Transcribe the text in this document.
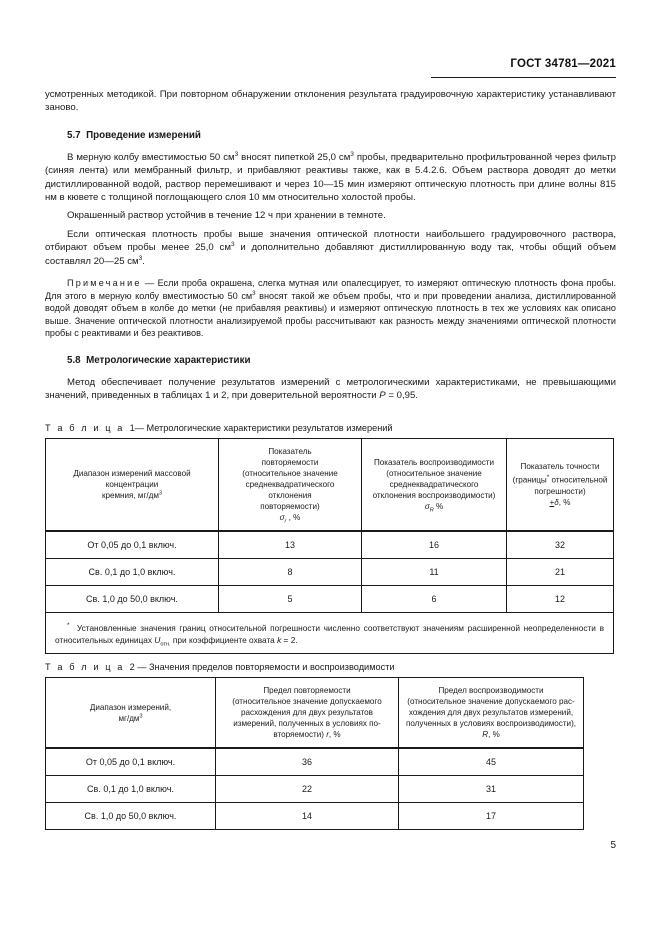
ГОСТ 34781—2021

усмотренных методикой. При повторном обнаружении отклонения результата градуировочную характеристику устанавливают заново.

5.7 Проведение измерений

В мерную колбу вместимостью 50 $см^3$ вносят пипеткой 25,0 $см^3$ пробы, предварительно профильтрованной через фильтр (синяя лента) или мембранный фильтр, и прибавляют реактивы также, как в 5.4.2.6. Объем раствора доводят до метки дистиллированной водой, раствор перемешивают и через 10—15 мин измеряют оптическую плотность при длине волны 815 нм в кювете с толщиной поглощающего слоя 10 мм относительно холостой пробы.

Окрашенный раствор устойчив в течение 12 ч при хранении в темноте.

Если оптическая плотность пробы выше значения оптической плотности наибольшего градуировочного раствора, отбирают объем пробы менее 25,0 $см^3$ и дополнительно добавляют дистиллированную воду так, чтобы общий объем составлял 20—25 $см^3$.

Примечание — Если проба окрашена, слегка мутная или опалесцирует, то измеряют оптическую плотность фона пробы. Для этого в мерную колбу вместимостью 50 $см^3$ вносят такой же объем пробы, что и при проведении анализа, дистиллированной водой доводят объем в колбе до метки (не прибавляя реактивы) и измеряют оптическую плотность в тех же условиях как описано выше. Значение оптической плотности анализируемой пробы рассчитывают как разность между значениями оптической плотности пробы с реактивами и без реактивов.

5.8 Метрологические характеристики

Метод обеспечивает получение результатов измерений с метрологическими характеристиками, не превышающими значений, приведенных в таблицах 1 и 2, при доверительной вероятности P = 0,95.

Т а б л и ц а 1— Метрологические характеристики результатов измерений
Диапазон измерений массовой
концентрации
кремния, $мг/дм^3$	Показатель
повторяемости
(относительное значение
среднеквадратического
отклонения
повторяемости)
$\sigma_r$ , %	Показатель воспроизводимости
(относительное значение
среднеквадратического
отклонения воспроизводимости)
$\sigma_R$ %	Показатель точности
(границы* относительной
погрешности)
+δ, %
От 0,05 до 0,1 включ.	13	16	32
Св. 0,1 до 1,0 включ.	8	11	21
Св. 1,0 до 50,0 включ.	5	6	12
*  Установленные значения границ относительной погрешности численно соответствуют значениям расширенной неопределенности в относительных единицах $U_{отн.}$ при коэффициенте охвата k = 2.			
Т а б л и ц а 2 — Значения пределов повторяемости и воспроизводимости
Диапазон измерений,
$мг/дм^3$	Предел повторяемости
(относительное значение допускаемого
расхождения для двух результатов
измерений, полученных в условиях по-
вторяемости) r, %	Предел воспроизводимости
(относительное значение допускаемого рас-
хождения для двух результатов измерений,
полученных в условиях воспроизводимости),
R, %
От 0,05 до 0,1 включ.	36	45
Св. 0,1 до 1,0 включ.	22	31
Св. 1,0 до 50,0 включ.	14	17
5
